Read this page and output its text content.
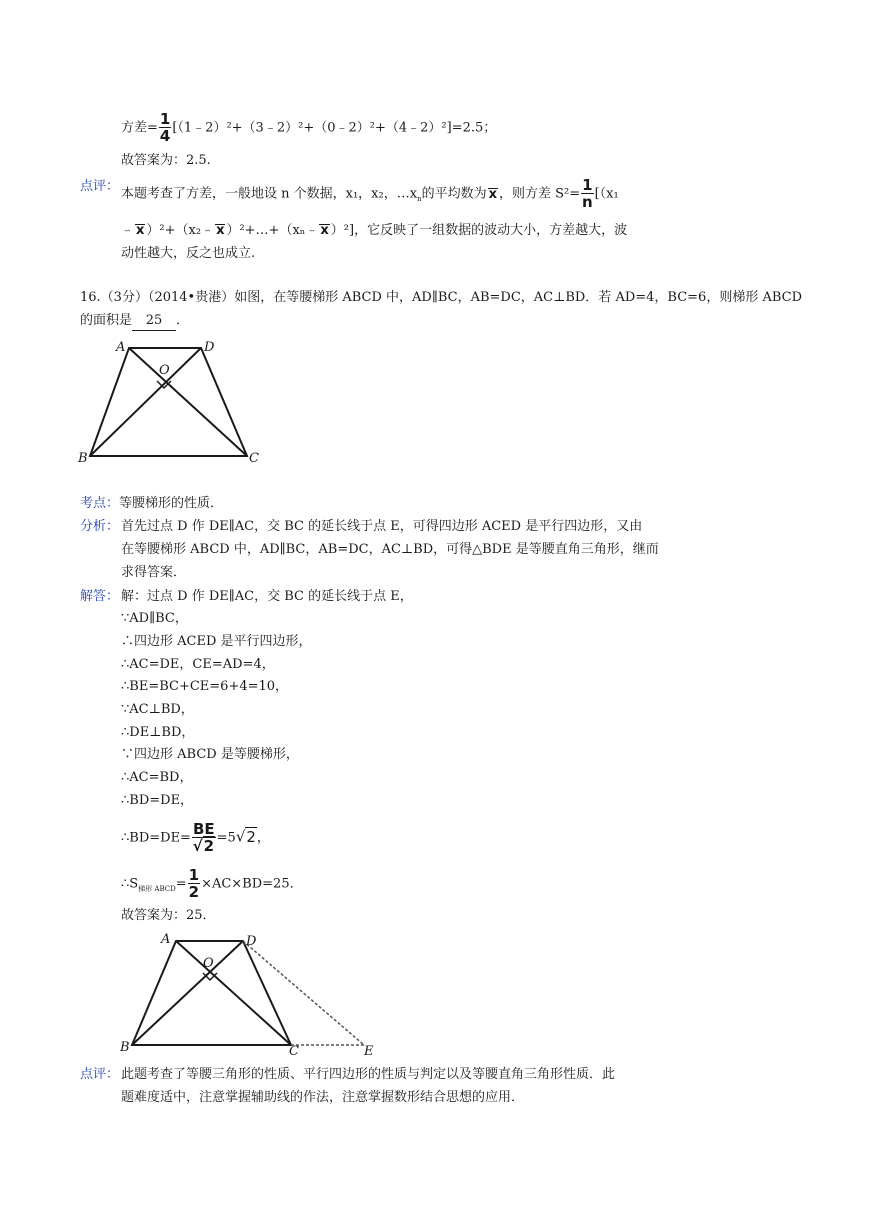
方差= $\frac{1}{4}$ [（1﹣2）²+（3﹣2）²+（0﹣2）²+（4﹣2）²]=2.5；
故答案为：2.5.
点评： 本题考查了方差，一般地设 n 个数据，x₁，x₂，$\dots x_n$的平均数为 x ，则方差 $S^2= \frac{1}{n} [(x_1$
﹣ x ）²+（x₂﹣ x ）²+…+（xₙ﹣ x ）²]，它反映了一组数据的波动大小，方差越大，波
动性越大，反之也成立.
16.（3分）（2014•贵港）如图，在等腰梯形 ABCD 中，AD∥BC，AB=DC，AC⊥BD．若 AD=4，BC=6，则梯形 ABCD
的面积是 25 ．
A	D
O
B	C
考点：等腰梯形的性质．
分析： 首先过点 D 作 DE∥AC，交 BC 的延长线于点 E，可得四边形 ACED 是平行四边形，又由
在等腰梯形 ABCD 中，AD∥BC，AB=DC，AC⊥BD，可得△BDE 是等腰直角三角形，继而
求得答案．
解答： 解：过点 D 作 DE∥AC，交 BC 的延长线于点 E，
∵AD∥BC，
∴四边形 ACED 是平行四边形，
∴AC=DE，CE=AD=4，
∴BE=BC+CE=6+4=10，
∵AC⊥BD，
∴DE⊥BD，
∵四边形 ABCD 是等腰梯形，
∴AC=BD，
∴BD=DE，
∴BD=DE= $\frac{BE}{√2} =5√2$，
$\therefore S_{梯形 ABCD}= \frac{1}{2} \times AC\times BD=25$．
故答案为：25．
A	D
O
B	C	E
点评： 此题考查了等腰三角形的性质、平行四边形的性质与判定以及等腰直角三角形性质．此
题难度适中，注意掌握辅助线的作法，注意掌握数形结合思想的应用．
